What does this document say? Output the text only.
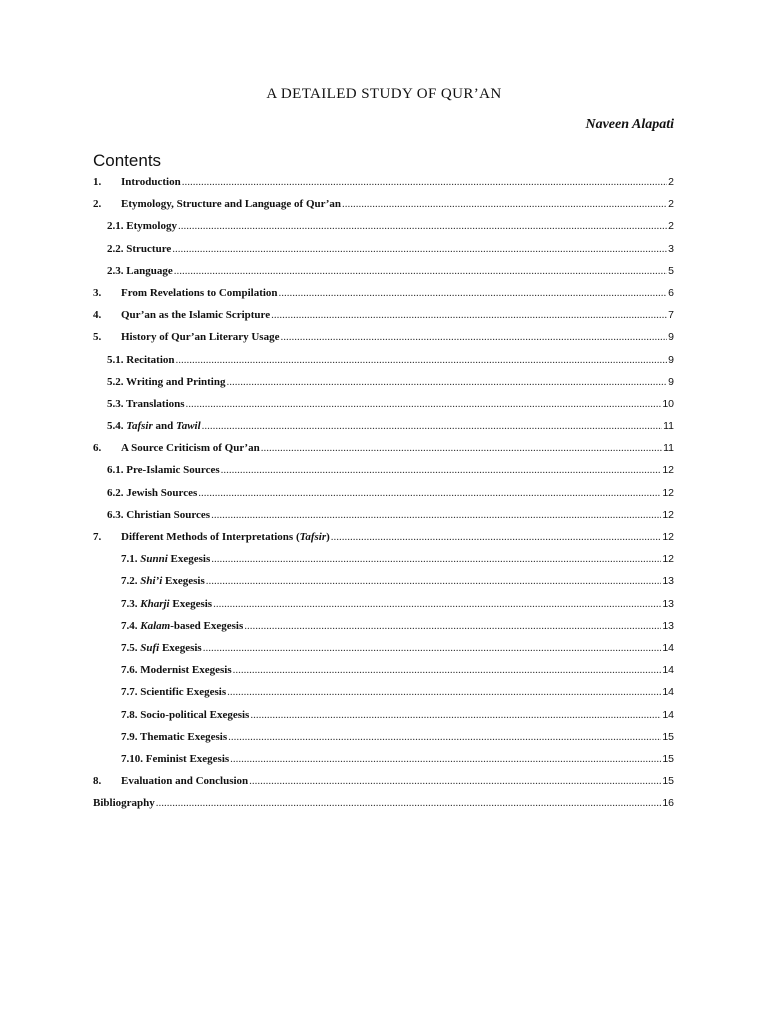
A DETAILED STUDY OF QUR’AN
Naveen Alapati
Contents
1.	Introduction .....	2
2.	Etymology, Structure and Language of Qur’an .....	2
2.1. Etymology .....	2
2.2. Structure .....	3
2.3. Language .....	5
3.	From Revelations to Compilation .....	6
4.	Qur’an as the Islamic Scripture .....	7
5.	History of Qur’an Literary Usage .....	9
5.1. Recitation .....	9
5.2. Writing and Printing .....	9
5.3. Translations .....	10
5.4. Tafsir and Tawil .....	11
6.	A Source Criticism of Qur’an .....	11
6.1. Pre-Islamic Sources .....	12
6.2. Jewish Sources .....	12
6.3. Christian Sources .....	12
7.	Different Methods of Interpretations (Tafsir) .....	12
7.1. Sunni Exegesis .....	12
7.2. Shi’i Exegesis .....	13
7.3. Kharji Exegesis .....	13
7.4. Kalam-based Exegesis .....	13
7.5. Sufi Exegesis .....	14
7.6. Modernist Exegesis .....	14
7.7. Scientific Exegesis .....	14
7.8. Socio-political Exegesis .....	14
7.9. Thematic Exegesis .....	15
7.10. Feminist Exegesis .....	15
8.	Evaluation and Conclusion .....	15
Bibliography .....	16
